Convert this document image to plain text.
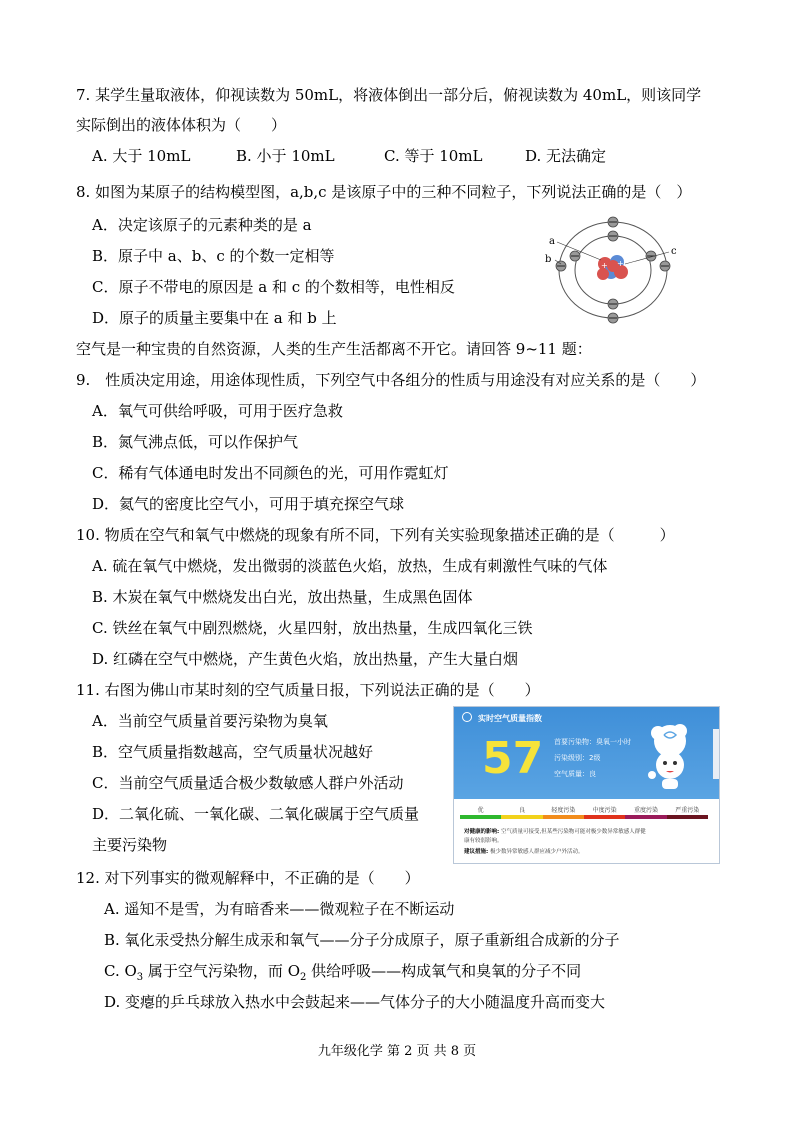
7. 某学生量取液体，仰视读数为 50mL，将液体倒出一部分后，俯视读数为 40mL，则该同学
实际倒出的液体体积为（　　）
A. 大于 10mL	B. 小于 10mL	C. 等于 10mL	D. 无法确定
8. 如图为某原子的结构模型图，a,b,c 是该原子中的三种不同粒子，下列说法正确的是（　）
A．决定该原子的元素种类的是 a
B．原子中 a、b、c 的个数一定相等
C．原子不带电的原因是 a 和 c 的个数相等，电性相反
D．原子的质量主要集中在 a 和 b 上
+
+
a
b
c
空气是一种宝贵的自然资源，人类的生产生活都离不开它。请回答 9~11 题：
9.　性质决定用途，用途体现性质，下列空气中各组分的性质与用途没有对应关系的是（　　）
A．氧气可供给呼吸，可用于医疗急救
B．氮气沸点低，可以作保护气
C．稀有气体通电时发出不同颜色的光，可用作霓虹灯
D．氦气的密度比空气小，可用于填充探空气球
10. 物质在空气和氧气中燃烧的现象有所不同，下列有关实验现象描述正确的是（　　　）
A. 硫在氧气中燃烧，发出微弱的淡蓝色火焰，放热，生成有刺激性气味的气体
B. 木炭在氧气中燃烧发出白光，放出热量，生成黑色固体
C. 铁丝在氧气中剧烈燃烧，火星四射，放出热量，生成四氧化三铁
D. 红磷在空气中燃烧，产生黄色火焰，放出热量，产生大量白烟
11. 右图为佛山市某时刻的空气质量日报，下列说法正确的是（　　）
A．当前空气质量首要污染物为臭氧
B．空气质量指数越高，空气质量状况越好
C．当前空气质量适合极少数敏感人群户外活动
D．二氧化硫、一氧化碳、二氧化碳属于空气质量
主要污染物
实时空气质量指数
57 首要污染物：臭氧一小时
污染级别：2级
空气质量：良
优	良	轻度污染	中度污染	重度污染	严重污染
对健康的影响: 空气质量可接受,但某些污染物可能对极少数异常敏感人群健
康有较弱影响。
建议措施: 极少数异常敏感人群应减少户外活动。
12. 对下列事实的微观解释中，不正确的是（　　）
A. 遥知不是雪，为有暗香来——微观粒子在不断运动
B. 氧化汞受热分解生成汞和氧气——分子分成原子，原子重新组合成新的分子
C. $O_3$ 属于空气污染物，而 $O_2$ 供给呼吸——构成氧气和臭氧的分子不同
D. 变瘪的乒乓球放入热水中会鼓起来——气体分子的大小随温度升高而变大
九年级化学 第 2 页 共 8 页
